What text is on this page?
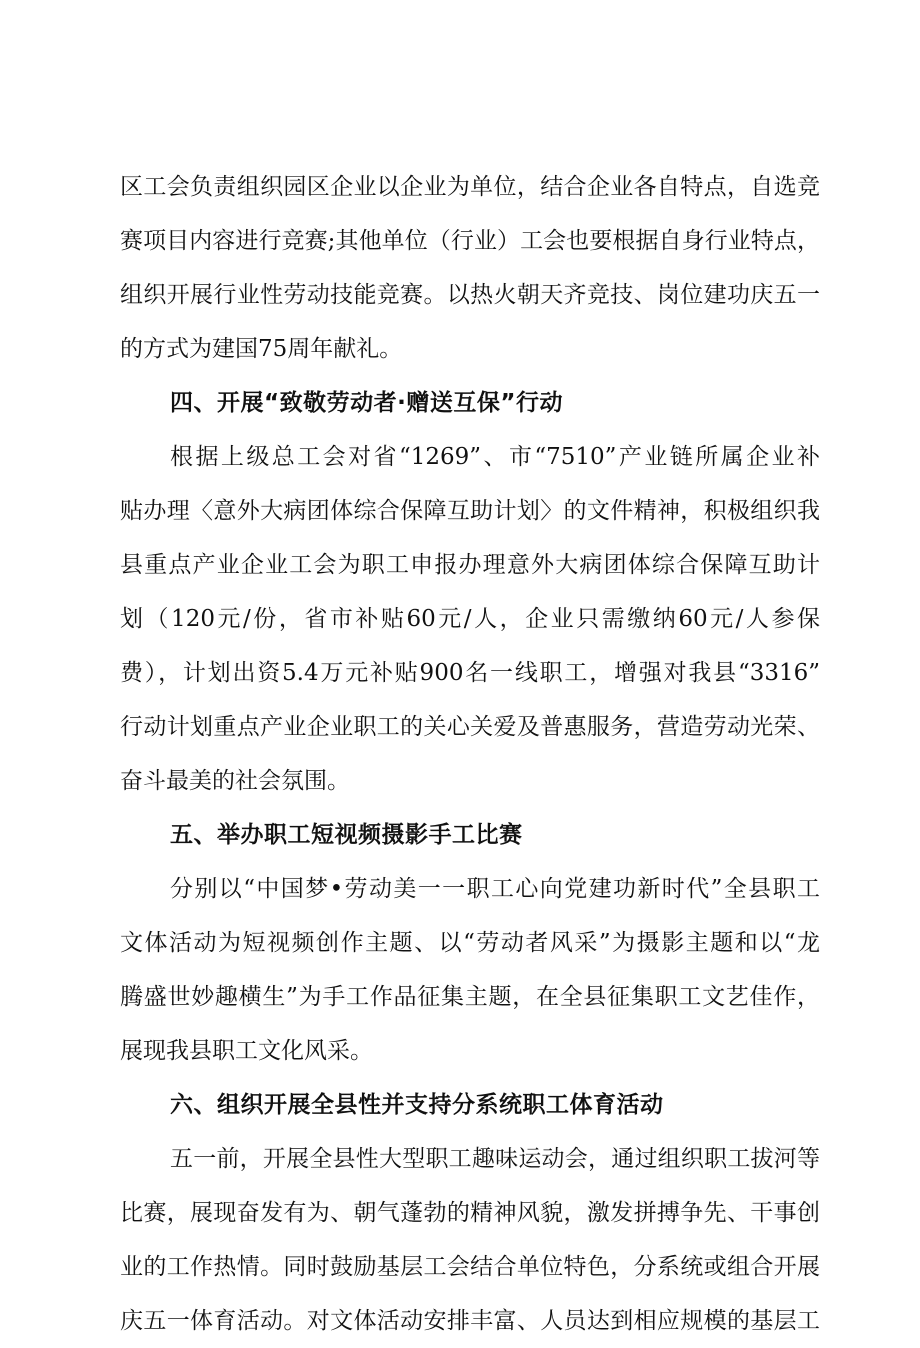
区工会负责组织园区企业以企业为单位，结合企业各自特点，自选竞
赛项目内容进行竞赛;其他单位（行业）工会也要根据自身行业特点，
组织开展行业性劳动技能竞赛。以热火朝天齐竞技、岗位建功庆五一
的方式为建国75周年献礼。
四、开展“致敬劳动者·赠送互保”行动
根据上级总工会对省“1269”、市“7510”产业链所属企业补
贴办理〈意外大病团体综合保障互助计划〉的文件精神，积极组织我
县重点产业企业工会为职工申报办理意外大病团体综合保障互助计
划（120元/份，省市补贴60元/人，企业只需缴纳60元/人参保
费），计划出资5.4万元补贴900名一线职工，增强对我县“3316”
行动计划重点产业企业职工的关心关爱及普惠服务，营造劳动光荣、
奋斗最美的社会氛围。
五、举办职工短视频摄影手工比赛
分别以“中国梦•劳动美一一职工心向党建功新时代”全县职工
文体活动为短视频创作主题、以“劳动者风采”为摄影主题和以“龙
腾盛世妙趣横生”为手工作品征集主题，在全县征集职工文艺佳作，
展现我县职工文化风采。
六、组织开展全县性并支持分系统职工体育活动
五一前，开展全县性大型职工趣味运动会，通过组织职工拔河等
比赛，展现奋发有为、朝气蓬勃的精神风貌，激发拼搏争先、干事创
业的工作热情。同时鼓励基层工会结合单位特色，分系统或组合开展
庆五一体育活动。对文体活动安排丰富、人员达到相应规模的基层工
